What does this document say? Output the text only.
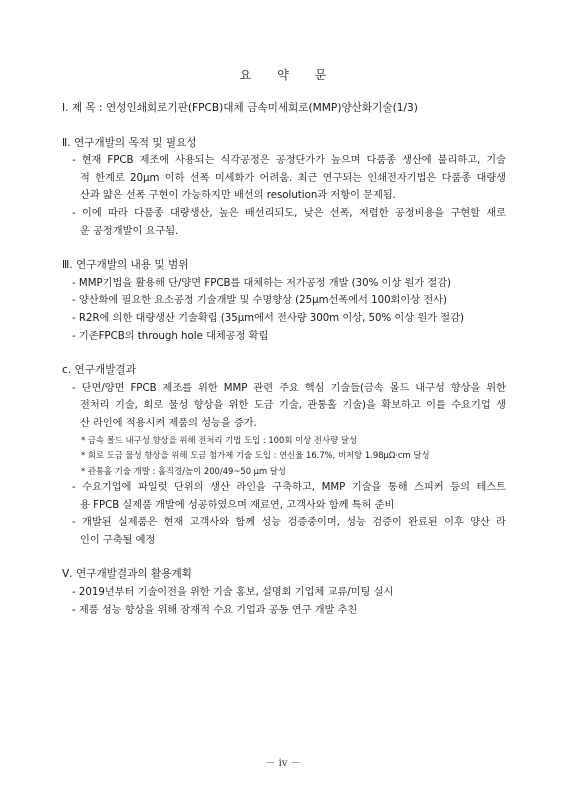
요 약 문
Ⅰ. 제 목 : 연성인쇄회로기판(FPCB)대체 금속미세회로(MMP)양산화기술(1/3)
Ⅱ. 연구개발의 목적 및 필요성
- 현재 FPCB 제조에 사용되는 식각공정은 공정단가가 높으며 다품종 생산에 불리하고, 기술
적 한계로 20μm 이하 선폭 미세화가 어려움. 최근 연구되는 인쇄전자기법은 다품종 대량생
산과 얇은 선폭 구현이 가능하지만 배선의 resolution과 저항이 문제됨.
- 이에 따라 다품종 대량생산, 높은 배선리되도, 낮은 선폭, 저렴한 공정비용을 구현할 새로
운 공정개발이 요구됨.
Ⅲ. 연구개발의 내용 및 범위
- MMP기법을 활용해 단/양면 FPCB를 대체하는 저가공정 개발 (30% 이상 원가 절감)
- 양산화에 필요한 요소공정 기술개발 및 수명향상 (25μm선폭에서 100회이상 전사)
- R2R에 의한 대량생산 기술확립 (35μm에서 전사량 300m 이상, 50% 이상 원가 절감)
- 기존FPCB의 through hole 대체공정 확립
c. 연구개발결과
- 단면/양면 FPCB 제조를 위한 MMP 관련 주요 핵심 기술들(금속 몰드 내구성 향상을 위한
전처리 기술, 회로 물성 향상을 위한 도금 기술, 관통홀 기술)을 확보하고 이를 수요기업 생
산 라인에 적용시켜 제품의 성능을 증가.
* 금속 몰드 내구성 향상을 위해 전처리 기법 도입 : 100회 이상 전사량 달성
* 회로 도금 물성 향상을 위해 도금 첨가제 기술 도입 : 연신율 16.7%, 비저항 1.98μΩ·cm 달성
* 관통홀 기술 개발 : 홀직경/높이 200/49~50 μm 달성
- 수요기업에 파일럿 단위의 생산 라인을 구축하고, MMP 기술을 통해 스피커 등의 테스트
용 FPCB 실제품 개발에 성공하였으며 재료연, 고객사와 함께 특허 준비
- 개발된 실제품은 현재 고객사와 함께 성능 검증중이며, 성능 검증이 완료된 이후 양산 라
인이 구축될 예정
Ⅴ. 연구개발결과의 활용계획
- 2019년부터 기술이전을 위한 기술 홍보, 설명회 기업체 교류/미팅 실시
- 제품 성능 향상을 위해 잠재적 수요 기업과 공동 연구 개발 추친
－ iv －
